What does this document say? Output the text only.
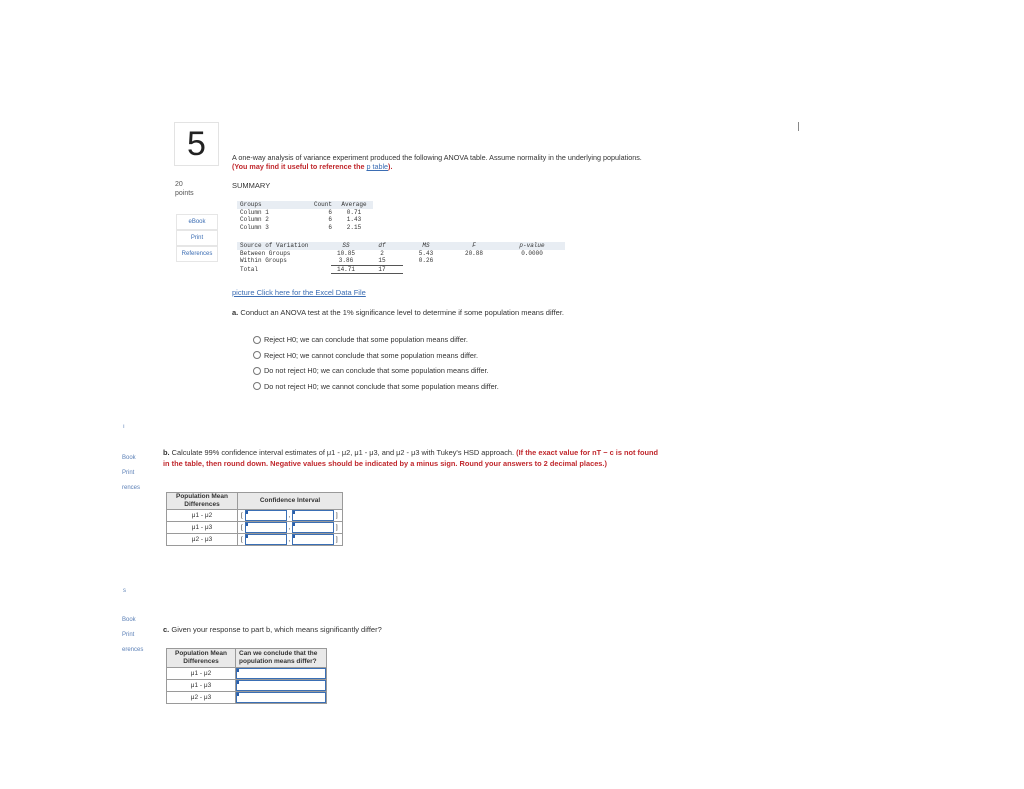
5
20
points
eBook
Print
References
A one-way analysis of variance experiment produced the following ANOVA table. Assume normality in the underlying populations.
(You may find it useful to reference the p table).
SUMMARY
Groups	Count	Average
Column 1	6	0.71
Column 2	6	1.43
Column 3	6	2.15
Source of Variation	SS	df	MS	F	p-value
Between Groups	10.85	2	5.43	20.88	0.0000
Within Groups	3.86	15	0.26		
Total	14.71	17			
picture Click here for the Excel Data File
a. Conduct an ANOVA test at the 1% significance level to determine if some population means differ.
Reject H0; we can conclude that some population means differ.
Reject H0; we cannot conclude that some population means differ.
Do not reject H0; we can conclude that some population means differ.
Do not reject H0; we cannot conclude that some population means differ.
ı
Book
Print
rences
s
Book
Print
erences
b. Calculate 99% confidence interval estimates of μ1 - μ2, μ1 - μ3, and μ2 - μ3 with Tukey's HSD approach. (If the exact value for nT − c is not found in the table, then round down. Negative values should be indicated by a minus sign. Round your answers to 2 decimal places.)
Population Mean Differences	Confidence Interval
μ1 - μ2	[ , ]
μ1 - μ3	[ , ]
μ2 - μ3	[ , ]
c. Given your response to part b, which means significantly differ?
Population Mean Differences	Can we conclude that the population means differ?
μ1 - μ2	

μ1 - μ3	

μ2 - μ3	
